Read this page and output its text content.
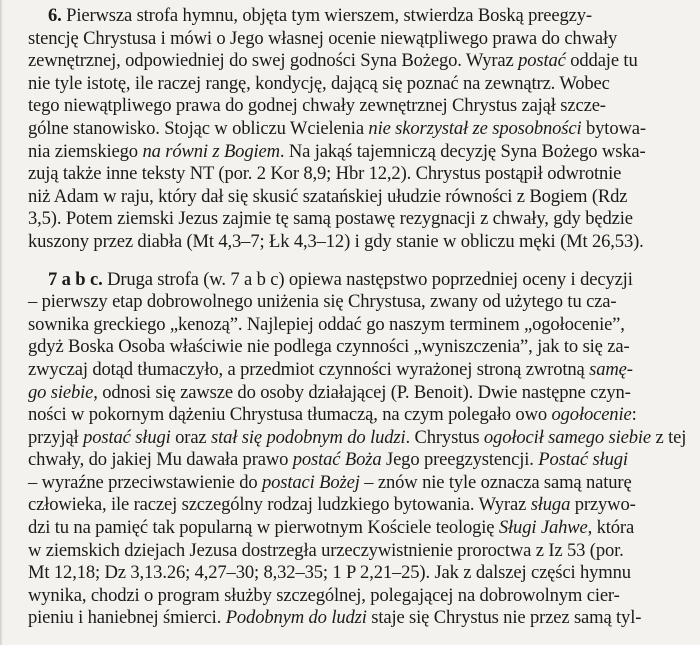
6. Pierwsza strofa hymnu, objęta tym wierszem, stwierdza Boską preegzy-
stencję Chrystusa i mówi o Jego własnej ocenie niewątpliwego prawa do chwały
zewnętrznej, odpowiedniej do swej godności Syna Bożego. Wyraz postać oddaje tu
nie tyle istotę, ile raczej rangę, kondycję, dającą się poznać na zewnątrz. Wobec
tego niewątpliwego prawa do godnej chwały zewnętrznej Chrystus zajął szcze-
gólne stanowisko. Stojąc w obliczu Wcielenia nie skorzystał ze sposobności bytowa-
nia ziemskiego na równi z Bogiem. Na jakąś tajemniczą decyzję Syna Bożego wska-
zują także inne teksty NT (por. 2 Kor 8,9; Hbr 12,2). Chrystus postąpił odwrotnie
niż Adam w raju, który dał się skusić szatańskiej ułudzie równości z Bogiem (Rdz
3,5). Potem ziemski Jezus zajmie tę samą postawę rezygnacji z chwały, gdy będzie
kuszony przez diabła (Mt 4,3–7; Łk 4,3–12) i gdy stanie w obliczu męki (Mt 26,53).
7 a b c. Druga strofa (w. 7 a b c) opiewa następstwo poprzedniej oceny i decyzji
– pierwszy etap dobrowolnego uniżenia się Chrystusa, zwany od użytego tu cza-
sownika greckiego „kenozą”. Najlepiej oddać go naszym terminem „ogołocenie”,
gdyż Boska Osoba właściwie nie podlega czynności „wyniszczenia”, jak to się za-
zwyczaj dotąd tłumaczyło, a przedmiot czynności wyrażonej stroną zwrotną samę-
go siebie, odnosi się zawsze do osoby działającej (P. Benoit). Dwie następne czyn-
ności w pokornym dążeniu Chrystusa tłumaczą, na czym polegało owo ogołocenie:
przyjął postać sługi oraz stał się podobnym do ludzi. Chrystus ogołocił samego siebie z tej
chwały, do jakiej Mu dawała prawo postać Boża Jego preegzystencji. Postać sługi
– wyraźne przeciwstawienie do postaci Bożej – znów nie tyle oznacza samą naturę
człowieka, ile raczej szczególny rodzaj ludzkiego bytowania. Wyraz sługa przywo-
dzi tu na pamięć tak popularną w pierwotnym Kościele teologię Sługi Jahwe, która
w ziemskich dziejach Jezusa dostrzegła urzeczywistnienie proroctwa z Iz 53 (por.
Mt 12,18; Dz 3,13.26; 4,27–30; 8,32–35; 1 P 2,21–25). Jak z dalszej części hymnu
wynika, chodzi o program służby szczególnej, polegającej na dobrowolnym cier-
pieniu i haniebnej śmierci. Podobnym do ludzi staje się Chrystus nie przez samą tyl-
